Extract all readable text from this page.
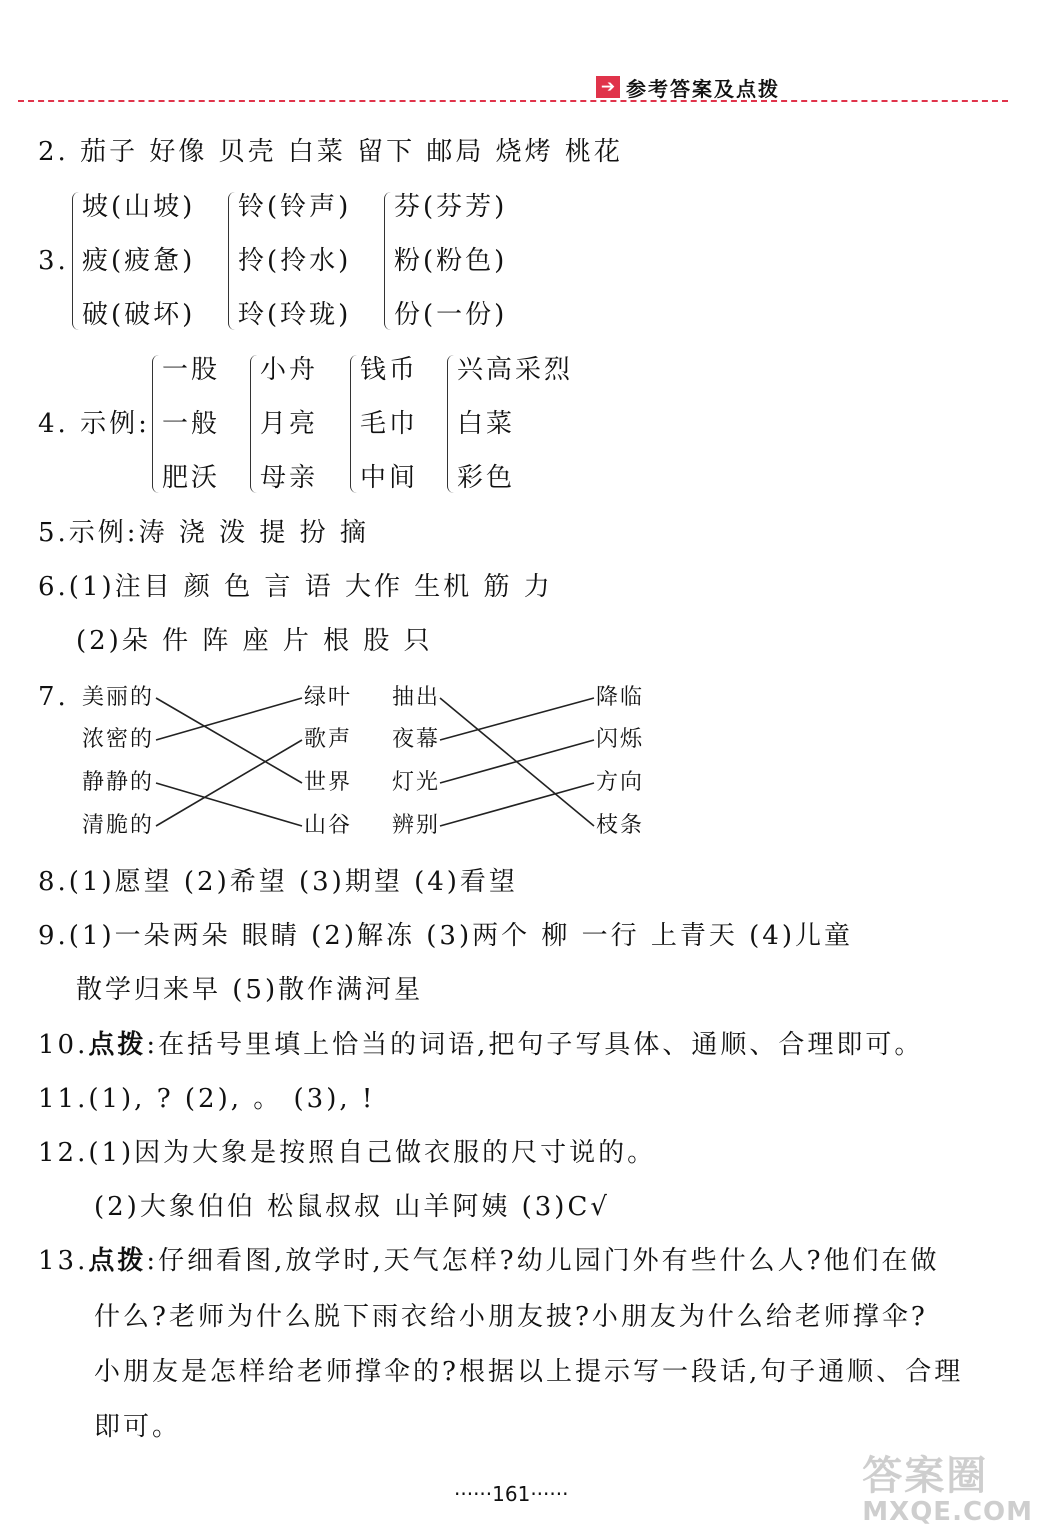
➔ 参考答案及点拨
2. 茄子 好像 贝壳 白菜 留下 邮局 烧烤 桃花
3.
坡(山坡)
疲(疲惫)
破(破坏)
铃(铃声)
拎(拎水)
玲(玲珑)
芬(芬芳)
粉(粉色)
份(一份)
4. 示例:
一股
一般
肥沃
小舟
月亮
母亲
钱币
毛巾
中间
兴高采烈
白菜
彩色
5.示例:涛 浇 泼 提 扮 摘
6.(1)注目 颜 色 言 语 大作 生机 筋 力
(2)朵 件 阵 座 片 根 股 只
7. 美丽的
浓密的
静静的
清脆的
绿叶
歌声
世界
山谷
抽出
夜幕
灯光
辨别
降临
闪烁
方向
枝条
8.(1)愿望 (2)希望 (3)期望 (4)看望
9.(1)一朵两朵 眼睛 (2)解冻 (3)两个 柳 一行 上青天 (4)儿童
散学归来早 (5)散作满河星
10.点拨:在括号里填上恰当的词语,把句子写具体、通顺、合理即可。
11.(1), ? (2), 。 (3), !
12.(1)因为大象是按照自己做衣服的尺寸说的。
(2)大象伯伯 松鼠叔叔 山羊阿姨 (3)C√
13.点拨:仔细看图,放学时,天气怎样?幼儿园门外有些什么人?他们在做
什么?老师为什么脱下雨衣给小朋友披?小朋友为什么给老师撑伞?
小朋友是怎样给老师撑伞的?根据以上提示写一段话,句子通顺、合理
即可。
······161······	答案圈
MXQE.COM
